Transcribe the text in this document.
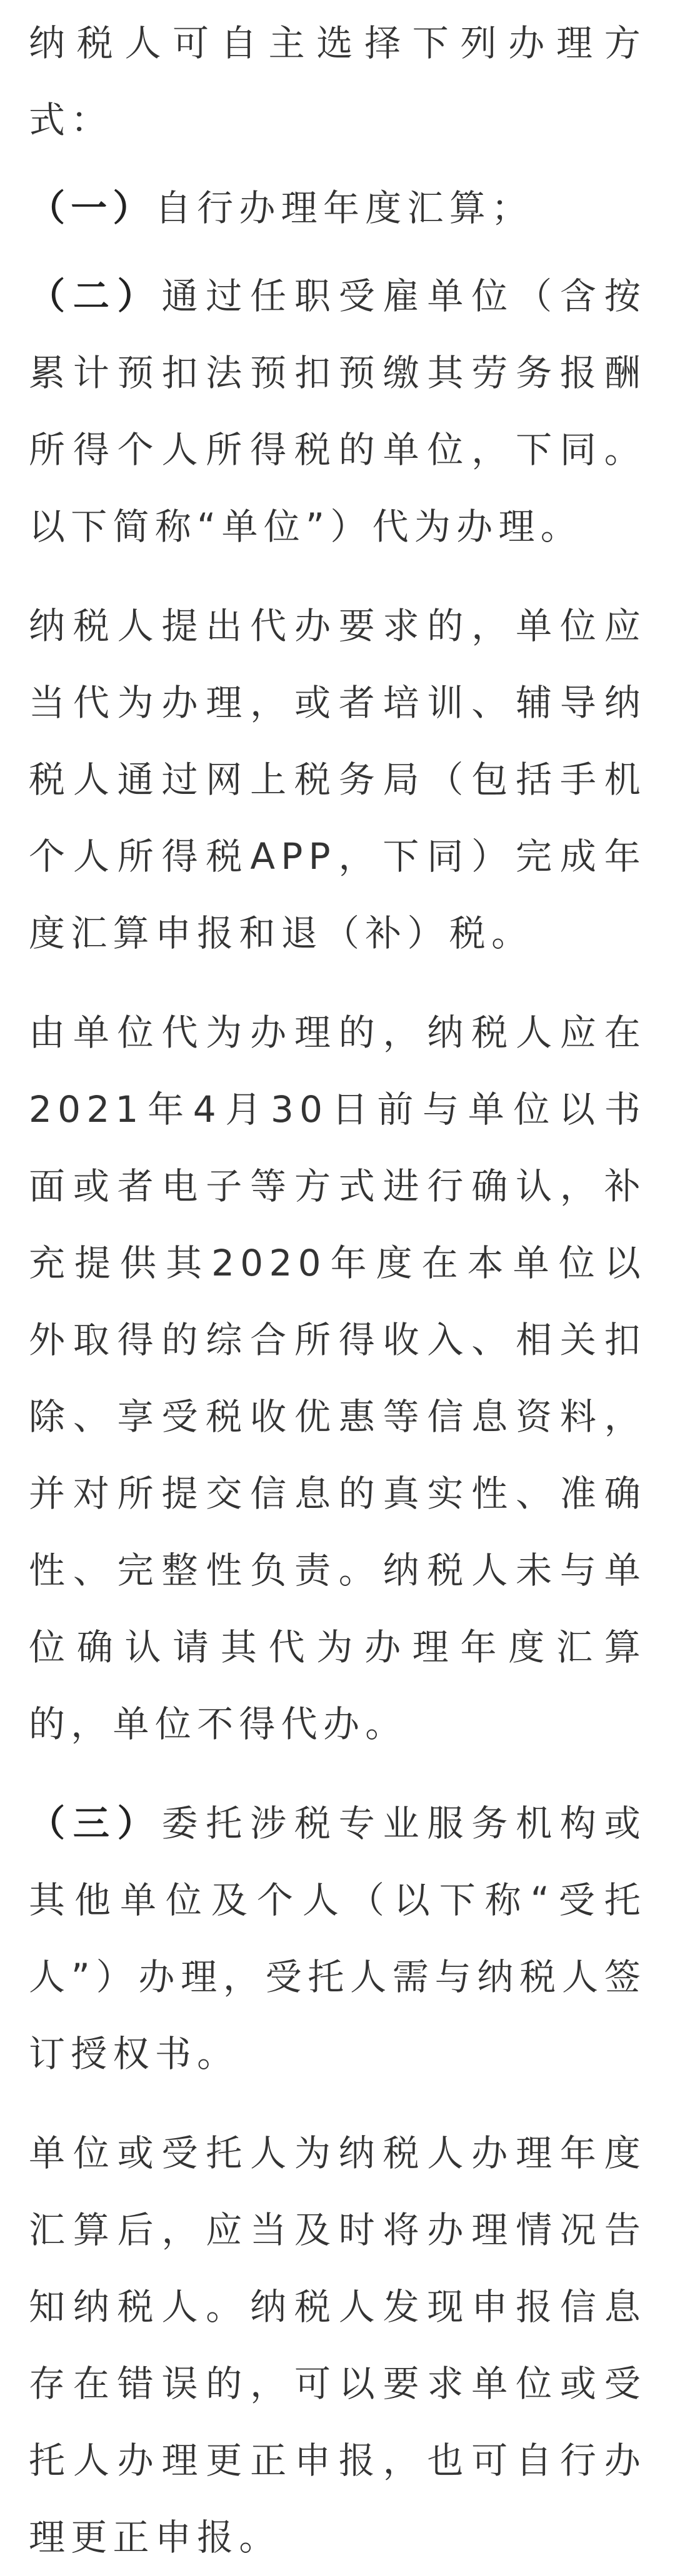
纳税人可自主选择下列办理方式：

（一）自行办理年度汇算；

（二）通过任职受雇单位（含按累计预扣法预扣预缴其劳务报酬所得个人所得税的单位，下同。以下简称“单位”）代为办理。

纳税人提出代办要求的，单位应当代为办理，或者培训、辅导纳税人通过网上税务局（包括手机个人所得税APP，下同）完成年度汇算申报和退（补）税。

由单位代为办理的，纳税人应在2021年4月30日前与单位以书面或者电子等方式进行确认，补充提供其2020年度在本单位以外取得的综合所得收入、相关扣除、享受税收优惠等信息资料，并对所提交信息的真实性、准确性、完整性负责。纳税人未与单位确认请其代为办理年度汇算的，单位不得代办。

（三）委托涉税专业服务机构或其他单位及个人（以下称“受托人”）办理，受托人需与纳税人签订授权书。

单位或受托人为纳税人办理年度汇算后，应当及时将办理情况告知纳税人。纳税人发现申报信息存在错误的，可以要求单位或受托人办理更正申报，也可自行办理更正申报。
